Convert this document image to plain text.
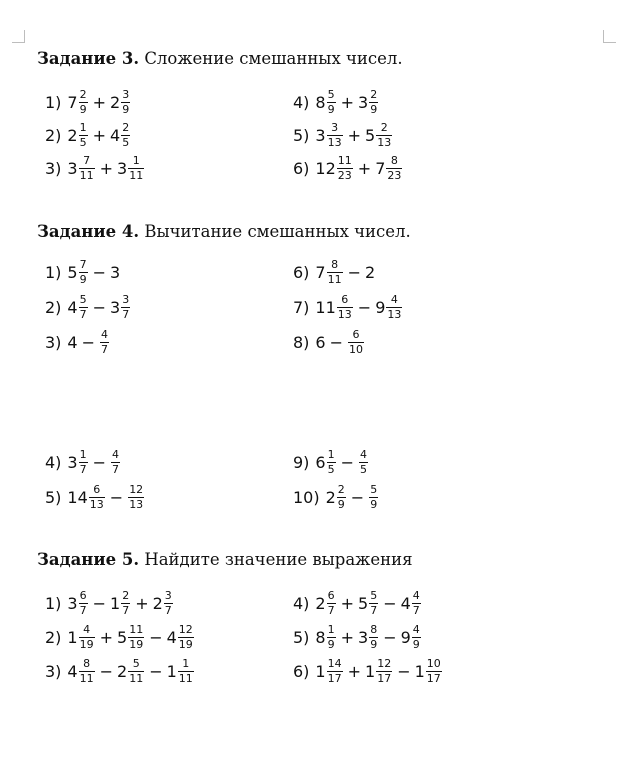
Задание 3. Сложение смешанных чисел.
1) $7 \frac{2}{9} + 2 \frac{3}{9}$
2) $2 \frac{1}{5} + 4 \frac{2}{5}$
3) $3 \frac{7}{11} + 3 \frac{1}{11}$
4) $8 \frac{5}{9} + 3 \frac{2}{9}$
5) $3 \frac{3}{13} + 5 \frac{2}{13}$
6) $12 \frac{11}{23} + 7 \frac{8}{23}$
Задание 4. Вычитание смешанных чисел.
1) $5 \frac{7}{9} - 3$
2) $4 \frac{5}{7} - 3 \frac{3}{7}$
3) $4 - \frac{4}{7}$
6) $7 \frac{8}{11} - 2$
7) $11 \frac{6}{13} - 9 \frac{4}{13}$
8) $6 - \frac{6}{10}$
4) $3 \frac{1}{7} - \frac{4}{7}$
5) $14 \frac{6}{13} - \frac{12}{13}$
9) $6 \frac{1}{5} - \frac{4}{5}$
10) $2 \frac{2}{9} - \frac{5}{9}$
Задание 5. Найдите значение выражения
1) $3 \frac{6}{7} - 1 \frac{2}{7} + 2 \frac{3}{7}$
2) $1 \frac{4}{19} + 5 \frac{11}{19} - 4 \frac{12}{19}$
3) $4 \frac{8}{11} - 2 \frac{5}{11} - 1 \frac{1}{11}$
4) $2 \frac{6}{7} + 5 \frac{5}{7} - 4 \frac{4}{7}$
5) $8 \frac{1}{9} + 3 \frac{8}{9} - 9 \frac{4}{9}$
6) $1 \frac{14}{17} + 1 \frac{12}{17} - 1 \frac{10}{17}$
